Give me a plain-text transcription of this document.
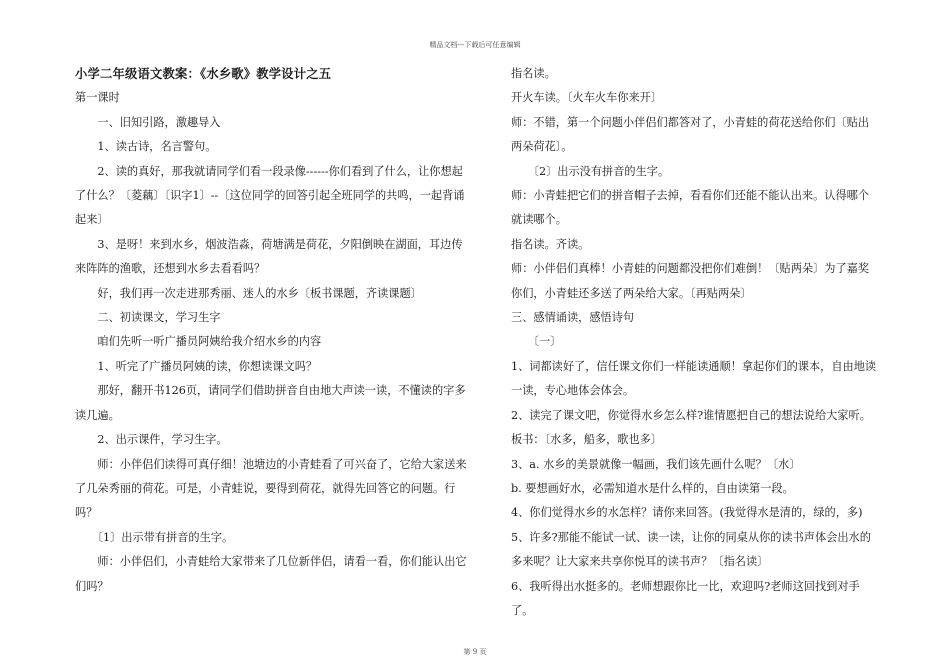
精品文档---下载后可任意编辑
小学二年级语文教案：《水乡歌》教学设计之五

第一课时

一、旧知引路，激趣导入

1、读古诗，名言警句。

2、读的真好，那我就请同学们看一段录像------你们看到了什么，让你想起了什么？〔菱藕〕〔识字1〕--〔这位同学的回答引起全班同学的共鸣，一起背诵起来〕

3、是呀！来到水乡，烟波浩淼，荷塘满是荷花，夕阳倒映在湖面，耳边传来阵阵的渔歌，还想到水乡去看看吗？

好，我们再一次走进那秀丽、迷人的水乡〔板书课题，齐读课题〕

二、初读课文，学习生字

咱们先听一听广播员阿姨给我介绍水乡的内容

1、听完了广播员阿姨的读，你想读课文吗？

那好，翻开书126页，请同学们借助拼音自由地大声读一读，不懂读的字多读几遍。

2、出示课件，学习生字。

师：小伴侣们读得可真仔细！池塘边的小青蛙看了可兴奋了，它给大家送来了几朵秀丽的荷花。可是，小青蛙说，要得到荷花，就得先回答它的问题。行吗？

〔1〕出示带有拼音的生字。

师：小伴侣们，小青蛙给大家带来了几位新伴侣，请看一看，你们能认出它们吗？

指名读。

开火车读。〔火车火车你来开〕

师：不错，第一个问题小伴侣们都答对了，小青蛙的荷花送给你们〔贴出两朵荷花〕。

〔2〕出示没有拼音的生字。

师：小青蛙把它们的拼音帽子去掉，看看你们还能不能认出来。认得哪个就读哪个。

指名读。齐读。

师：小伴侣们真棒！小青蛙的问题都没把你们难倒！〔贴两朵〕为了嘉奖你们，小青蛙还多送了两朵给大家。〔再贴两朵〕

三、感情诵读，感悟诗句

〔一〕

1、词都读好了，信任课文你们一样能读通顺！拿起你们的课本，自由地读一读，专心地体会体会。

2、读完了课文吧，你觉得水乡怎么样?谁情愿把自己的想法说给大家听。

板书：〔水多，船多，歌也多〕

3、a. 水乡的美景就像一幅画，我们该先画什么呢？〔水〕

b. 要想画好水，必需知道水是什么样的，自由读第一段。

4、你们觉得水乡的水怎样？请你来回答。(我觉得水是清的，绿的，多)

5、许多?那能不能试一试、读一读，让你的同桌从你的读书声体会出水的多来呢？让大家来共享你悦耳的读书声？〔指名读〕

6、我听得出水挺多的。老师想跟你比一比，欢迎吗?老师这回找到对手了。

第 9 页
